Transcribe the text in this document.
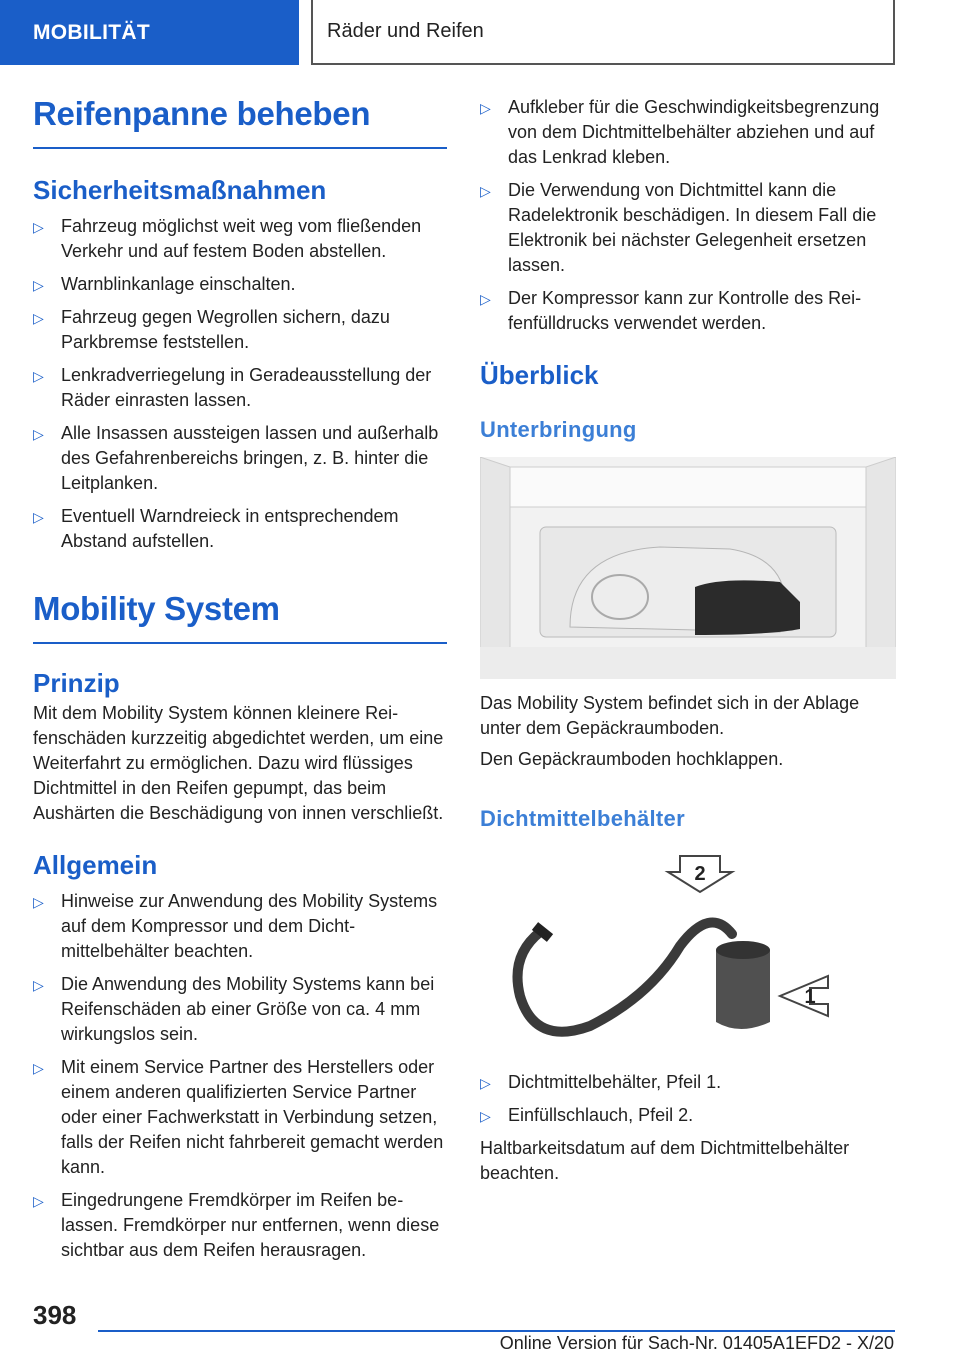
MOBILITÄT	Räder und Reifen
Reifenpanne beheben
Sicherheitsmaßnahmen
▷ Fahrzeug möglichst weit weg vom fließenden Verkehr und auf festem Boden abstellen.
▷ Warnblinkanlage einschalten.
▷ Fahrzeug gegen Wegrollen sichern, dazu Parkbremse feststellen.
▷ Lenkradverriegelung in Geradeausstellung der Räder einrasten lassen.
▷ Alle Insassen aussteigen lassen und außerhalb des Gefahrenbereichs bringen, z. B. hinter die Leitplanken.
▷ Eventuell Warndreieck in entsprechendem Abstand aufstellen.
Mobility System
Prinzip

Mit dem Mobility System können kleinere Reifenschäden kurzzeitig abgedichtet werden, um eine Weiterfahrt zu ermöglichen. Dazu wird flüssiges Dichtmittel in den Reifen gepumpt, das beim Aushärten die Beschädigung von innen verschließt.

Allgemein
▷ Hinweise zur Anwendung des Mobility Systems auf dem Kompressor und dem Dichtmittelbehälter beachten.
▷ Die Anwendung des Mobility Systems kann bei Reifenschäden ab einer Größe von ca. 4 mm wirkungslos sein.
▷ Mit einem Service Partner des Herstellers oder einem anderen qualifizierten Service Partner oder einer Fachwerkstatt in Verbindung setzen, falls der Reifen nicht fahrbereit gemacht werden kann.
▷ Eingedrungene Fremdkörper im Reifen belassen. Fremdkörper nur entfernen, wenn diese sichtbar aus dem Reifen herausragen.
▷ Aufkleber für die Geschwindigkeitsbegrenzung von dem Dichtmittelbehälter abziehen und auf das Lenkrad kleben.
▷ Die Verwendung von Dichtmittel kann die Radelektronik beschädigen. In diesem Fall die Elektronik bei nächster Gelegenheit ersetzen lassen.
▷ Der Kompressor kann zur Kontrolle des Reifenfülldrucks verwendet werden.
Überblick
Unterbringung

Das Mobility System befindet sich in der Ablage unter dem Gepäckraumboden.

Den Gepäckraumboden hochklappen.

Dichtmittelbehälter
2
1
▷ Dichtmittelbehälter, Pfeil 1.
▷ Einfüllschlauch, Pfeil 2.

Haltbarkeitsdatum auf dem Dichtmittelbehälter beachten.

398
Online Version für Sach-Nr. 01405A1EFD2 - X/20
